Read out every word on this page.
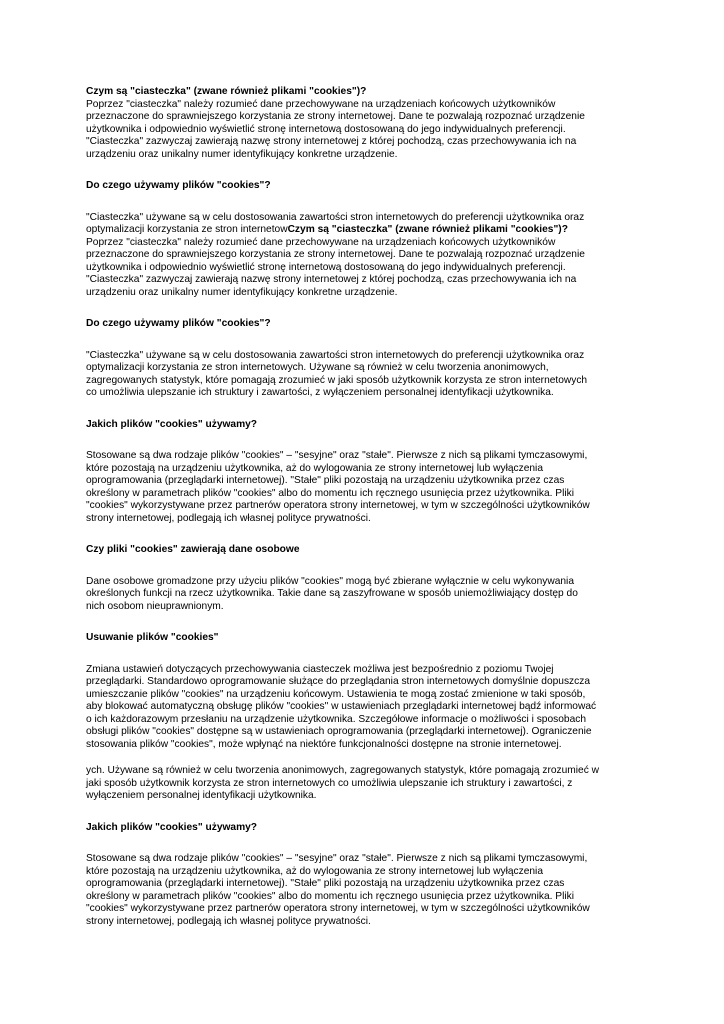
Czym są "ciasteczka" (zwane również plikami "cookies")?

Poprzez "ciasteczka" należy rozumieć dane przechowywane na urządzeniach końcowych użytkowników
przeznaczone do sprawniejszego korzystania ze strony internetowej. Dane te pozwalają rozpoznać urządzenie
użytkownika i odpowiednio wyświetlić stronę internetową dostosowaną do jego indywidualnych preferencji.
"Ciasteczka" zazwyczaj zawierają nazwę strony internetowej z której pochodzą, czas przechowywania ich na
urządzeniu oraz unikalny numer identyfikujący konkretne urządzenie.

Do czego używamy plików "cookies"?

"Ciasteczka" używane są w celu dostosowania zawartości stron internetowych do preferencji użytkownika oraz
optymalizacji korzystania ze stron internetowCzym są "ciasteczka" (zwane również plikami "cookies")?
Poprzez "ciasteczka" należy rozumieć dane przechowywane na urządzeniach końcowych użytkowników
przeznaczone do sprawniejszego korzystania ze strony internetowej. Dane te pozwalają rozpoznać urządzenie
użytkownika i odpowiednio wyświetlić stronę internetową dostosowaną do jego indywidualnych preferencji.
"Ciasteczka" zazwyczaj zawierają nazwę strony internetowej z której pochodzą, czas przechowywania ich na
urządzeniu oraz unikalny numer identyfikujący konkretne urządzenie.

Do czego używamy plików "cookies"?

"Ciasteczka" używane są w celu dostosowania zawartości stron internetowych do preferencji użytkownika oraz
optymalizacji korzystania ze stron internetowych. Używane są również w celu tworzenia anonimowych,
zagregowanych statystyk, które pomagają zrozumieć w jaki sposób użytkownik korzysta ze stron internetowych
co umożliwia ulepszanie ich struktury i zawartości, z wyłączeniem personalnej identyfikacji użytkownika.

Jakich plików "cookies" używamy?

Stosowane są dwa rodzaje plików "cookies" – "sesyjne" oraz "stałe". Pierwsze z nich są plikami tymczasowymi,
które pozostają na urządzeniu użytkownika, aż do wylogowania ze strony internetowej lub wyłączenia
oprogramowania (przeglądarki internetowej). "Stałe" pliki pozostają na urządzeniu użytkownika przez czas
określony w parametrach plików "cookies" albo do momentu ich ręcznego usunięcia przez użytkownika. Pliki
"cookies" wykorzystywane przez partnerów operatora strony internetowej, w tym w szczególności użytkowników
strony internetowej, podlegają ich własnej polityce prywatności.

Czy pliki "cookies" zawierają dane osobowe

Dane osobowe gromadzone przy użyciu plików "cookies" mogą być zbierane wyłącznie w celu wykonywania
określonych funkcji na rzecz użytkownika. Takie dane są zaszyfrowane w sposób uniemożliwiający dostęp do
nich osobom nieuprawnionym.

Usuwanie plików "cookies"

Zmiana ustawień dotyczących przechowywania ciasteczek możliwa jest bezpośrednio z poziomu Twojej
przeglądarki. Standardowo oprogramowanie służące do przeglądania stron internetowych domyślnie dopuszcza
umieszczanie plików "cookies" na urządzeniu końcowym. Ustawienia te mogą zostać zmienione w taki sposób,
aby blokować automatyczną obsługę plików "cookies" w ustawieniach przeglądarki internetowej bądź informować
o ich każdorazowym przesłaniu na urządzenie użytkownika. Szczegółowe informacje o możliwości i sposobach
obsługi plików "cookies" dostępne są w ustawieniach oprogramowania (przeglądarki internetowej). Ograniczenie
stosowania plików "cookies", może wpłynąć na niektóre funkcjonalności dostępne na stronie internetowej.

ych. Używane są również w celu tworzenia anonimowych, zagregowanych statystyk, które pomagają zrozumieć w
jaki sposób użytkownik korzysta ze stron internetowych co umożliwia ulepszanie ich struktury i zawartości, z
wyłączeniem personalnej identyfikacji użytkownika.

Jakich plików "cookies" używamy?

Stosowane są dwa rodzaje plików "cookies" – "sesyjne" oraz "stałe". Pierwsze z nich są plikami tymczasowymi,
które pozostają na urządzeniu użytkownika, aż do wylogowania ze strony internetowej lub wyłączenia
oprogramowania (przeglądarki internetowej). "Stałe" pliki pozostają na urządzeniu użytkownika przez czas
określony w parametrach plików "cookies" albo do momentu ich ręcznego usunięcia przez użytkownika. Pliki
"cookies" wykorzystywane przez partnerów operatora strony internetowej, w tym w szczególności użytkowników
strony internetowej, podlegają ich własnej polityce prywatności.
